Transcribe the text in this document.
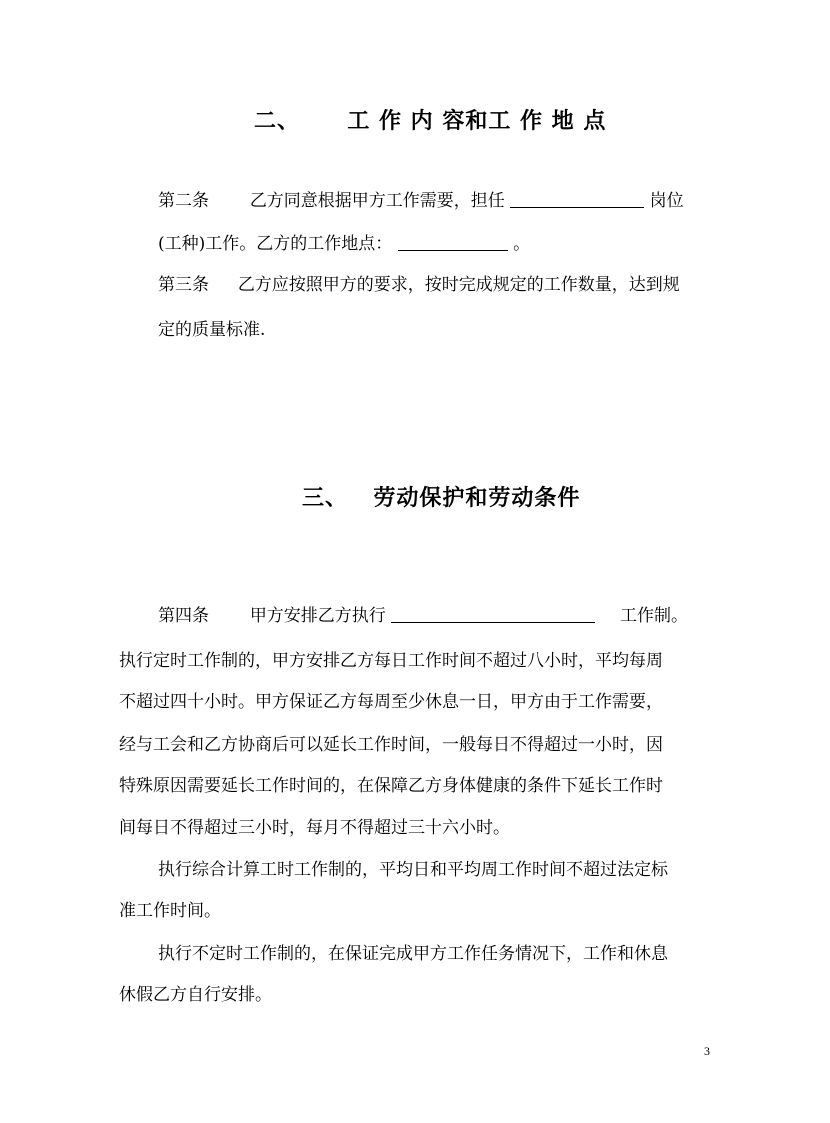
二、 工 作 内 容和工 作 地 点
第二条 乙方同意根据甲方工作需要，担任	岗位
(工种)工作。乙方的工作地点：	。
第三条 乙方应按照甲方的要求，按时完成规定的工作数量，达到规
定的质量标准.
三、 劳动保护和劳动条件
第四条 甲方安排乙方执行	工作制。
执行定时工作制的，甲方安排乙方每日工作时间不超过八小时，平均每周
不超过四十小时。甲方保证乙方每周至少休息一日，甲方由于工作需要，
经与工会和乙方协商后可以延长工作时间，一般每日不得超过一小时，因
特殊原因需要延长工作时间的，在保障乙方身体健康的条件下延长工作时
间每日不得超过三小时，每月不得超过三十六小时。
执行综合计算工时工作制的，平均日和平均周工作时间不超过法定标
准工作时间。
执行不定时工作制的，在保证完成甲方工作任务情况下，工作和休息
休假乙方自行安排。
3
